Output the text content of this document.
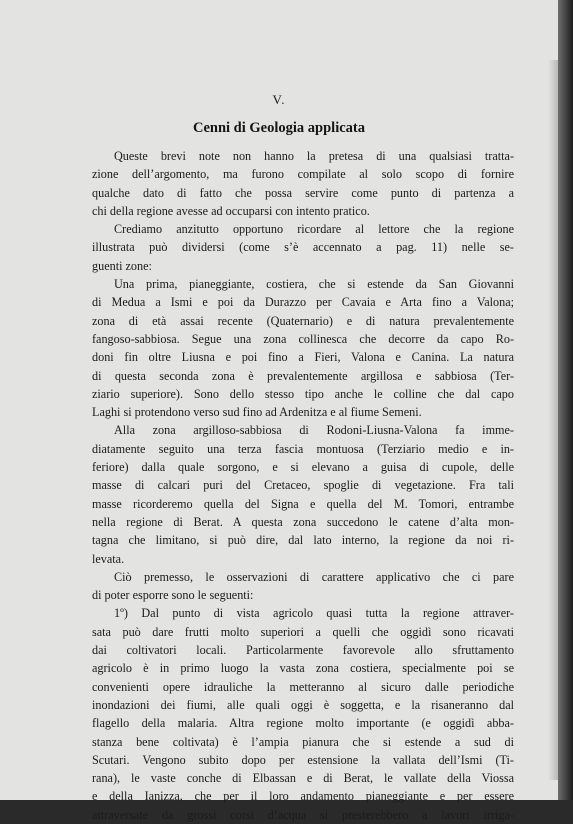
V.
Cenni di Geologia applicata
Queste brevi note non hanno la pretesa di una qualsiasi tratta-
zione dell’argomento, ma furono compilate al solo scopo di fornire
qualche dato di fatto che possa servire come punto di partenza a
chi della regione avesse ad occuparsi con intento pratico.
Crediamo anzitutto opportuno ricordare al lettore che la regione
illustrata può dividersi (come s’è accennato a pag. 11) nelle se-
guenti zone:
Una prima, pianeggiante, costiera, che si estende da San Giovanni
di Medua a Ismi e poi da Durazzo per Cavaia e Arta fino a Valona;
zona di età assai recente (Quaternario) e di natura prevalentemente
fangoso-sabbiosa. Segue una zona collinesca che decorre da capo Ro-
doni fin oltre Liusna e poi fino a Fieri, Valona e Canina. La natura
di questa seconda zona è prevalentemente argillosa e sabbiosa (Ter-
ziario superiore). Sono dello stesso tipo anche le colline che dal capo
Laghi si protendono verso sud fino ad Ardenitza e al fiume Semeni.
Alla zona argilloso-sabbiosa di Rodoni-Liusna-Valona fa imme-
diatamente seguito una terza fascia montuosa (Terziario medio e in-
feriore) dalla quale sorgono, e si elevano a guisa di cupole, delle
masse di calcari puri del Cretaceo, spoglie di vegetazione. Fra tali
masse ricorderemo quella del Signa e quella del M. Tomori, entrambe
nella regione di Berat. A questa zona succedono le catene d’alta mon-
tagna che limitano, si può dire, dal lato interno, la regione da noi ri-
levata.
Ciò premesso, le osservazioni di carattere applicativo che ci pare
di poter esporre sono le seguenti:
1º) Dal punto di vista agricolo quasi tutta la regione attraver-
sata può dare frutti molto superiori a quelli che oggidì sono ricavati
dai coltivatori locali. Particolarmente favorevole allo sfruttamento
agricolo è in primo luogo la vasta zona costiera, specialmente poi se
convenienti opere idrauliche la metteranno al sicuro dalle periodiche
inondazioni dei fiumi, alle quali oggi è soggetta, e la risaneranno dal
flagello della malaria. Altra regione molto importante (e oggidì abba-
stanza bene coltivata) è l’ampia pianura che si estende a sud di
Scutari. Vengono subito dopo per estensione la vallata dell’Ismi (Ti-
rana), le vaste conche di Elbassan e di Berat, le vallate della Viossa
e della Ianizza, che per il loro andamento pianeggiante e per essere
attraversate da grossi corsi d’acqua si presterebbero a lavori irriga-
